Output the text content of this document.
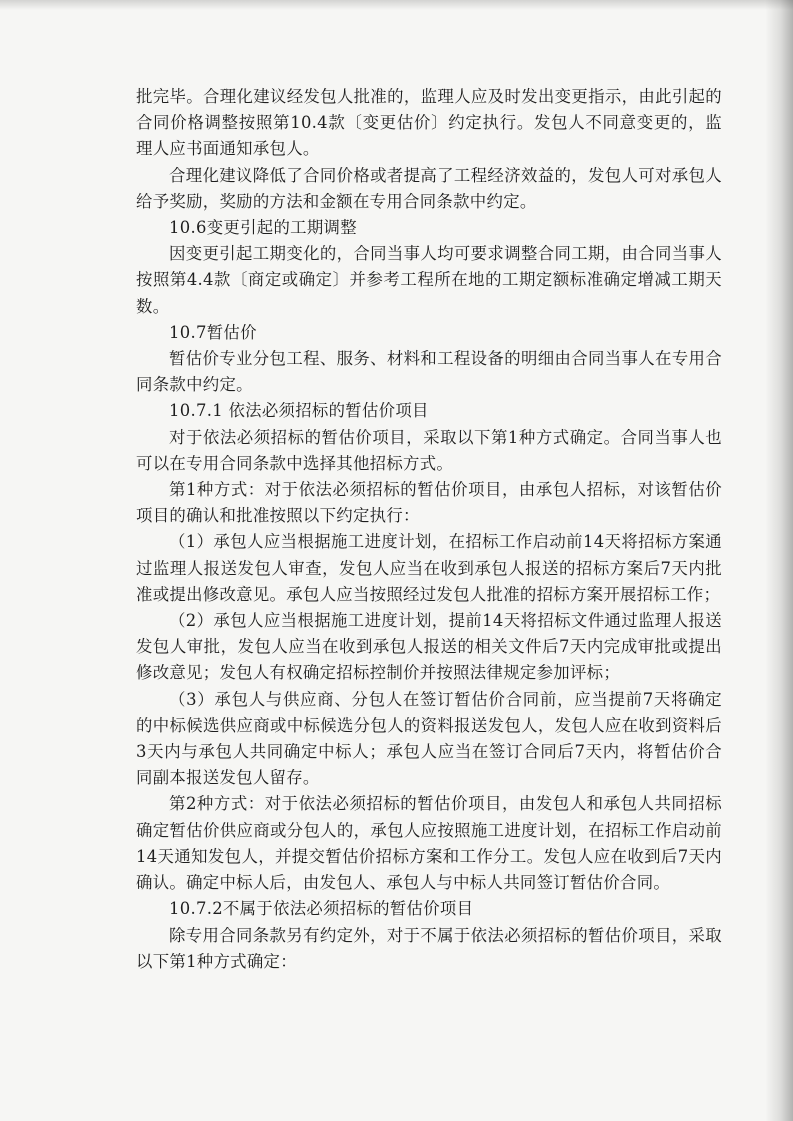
批完毕。合理化建议经发包人批准的，监理人应及时发出变更指示，由此引起的合同价格调整按照第10.4款〔变更估价〕约定执行。发包人不同意变更的，监理人应书面通知承包人。

合理化建议降低了合同价格或者提高了工程经济效益的，发包人可对承包人给予奖励，奖励的方法和金额在专用合同条款中约定。

10.6变更引起的工期调整

因变更引起工期变化的，合同当事人均可要求调整合同工期，由合同当事人按照第4.4款〔商定或确定〕并参考工程所在地的工期定额标准确定增减工期天数。

10.7暂估价

暂估价专业分包工程、服务、材料和工程设备的明细由合同当事人在专用合同条款中约定。

10.7.1 依法必须招标的暂估价项目

对于依法必须招标的暂估价项目，采取以下第1种方式确定。合同当事人也可以在专用合同条款中选择其他招标方式。

第1种方式：对于依法必须招标的暂估价项目，由承包人招标，对该暂估价项目的确认和批准按照以下约定执行：

（1）承包人应当根据施工进度计划，在招标工作启动前14天将招标方案通过监理人报送发包人审查，发包人应当在收到承包人报送的招标方案后7天内批准或提出修改意见。承包人应当按照经过发包人批准的招标方案开展招标工作；

（2）承包人应当根据施工进度计划，提前14天将招标文件通过监理人报送发包人审批，发包人应当在收到承包人报送的相关文件后7天内完成审批或提出修改意见；发包人有权确定招标控制价并按照法律规定参加评标；

（3）承包人与供应商、分包人在签订暂估价合同前，应当提前7天将确定的中标候选供应商或中标候选分包人的资料报送发包人，发包人应在收到资料后3天内与承包人共同确定中标人；承包人应当在签订合同后7天内，将暂估价合同副本报送发包人留存。

第2种方式：对于依法必须招标的暂估价项目，由发包人和承包人共同招标确定暂估价供应商或分包人的，承包人应按照施工进度计划，在招标工作启动前14天通知发包人，并提交暂估价招标方案和工作分工。发包人应在收到后7天内确认。确定中标人后，由发包人、承包人与中标人共同签订暂估价合同。

10.7.2不属于依法必须招标的暂估价项目

除专用合同条款另有约定外，对于不属于依法必须招标的暂估价项目，采取以下第1种方式确定：
